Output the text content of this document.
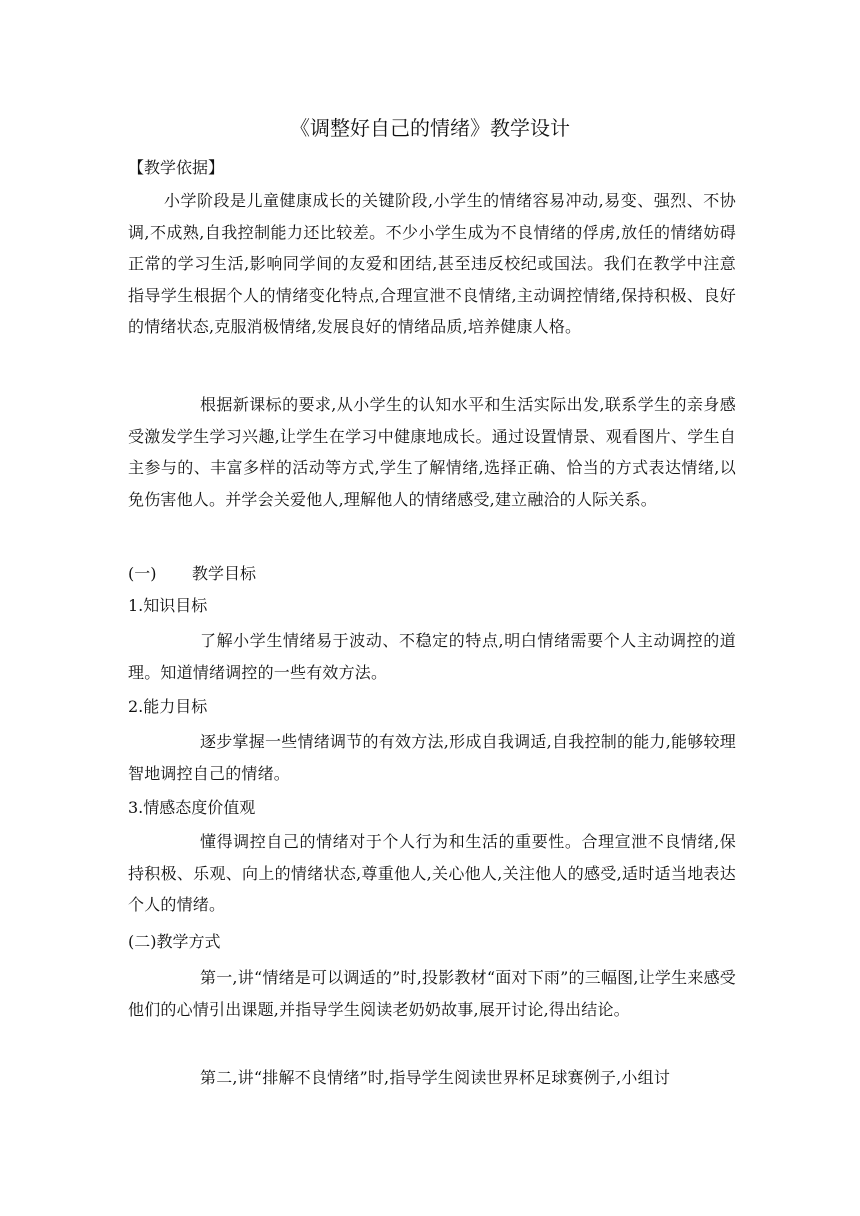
《调整好自己的情绪》教学设计
【教学依据】
小学阶段是儿童健康成长的关键阶段,小学生的情绪容易冲动,易变、强烈、不协调,不成熟,自我控制能力还比较差。不少小学生成为不良情绪的俘虏,放任的情绪妨碍正常的学习生活,影响同学间的友爱和团结,甚至违反校纪或国法。我们在教学中注意指导学生根据个人的情绪变化特点,合理宣泄不良情绪,主动调控情绪,保持积极、良好的情绪状态,克服消极情绪,发展良好的情绪品质,培养健康人格。
根据新课标的要求,从小学生的认知水平和生活实际出发,联系学生的亲身感受激发学生学习兴趣,让学生在学习中健康地成长。通过设置情景、观看图片、学生自主参与的、丰富多样的活动等方式,学生了解情绪,选择正确、恰当的方式表达情绪,以免伤害他人。并学会关爱他人,理解他人的情绪感受,建立融洽的人际关系。
(一) 教学目标
1.知识目标
了解小学生情绪易于波动、不稳定的特点,明白情绪需要个人主动调控的道理。知道情绪调控的一些有效方法。
2.能力目标
逐步掌握一些情绪调节的有效方法,形成自我调适,自我控制的能力,能够较理智地调控自己的情绪。
3.情感态度价值观
懂得调控自己的情绪对于个人行为和生活的重要性。合理宣泄不良情绪,保持积极、乐观、向上的情绪状态,尊重他人,关心他人,关注他人的感受,适时适当地表达个人的情绪。
(二)教学方式
第一,讲“情绪是可以调适的”时,投影教材“面对下雨”的三幅图,让学生来感受他们的心情引出课题,并指导学生阅读老奶奶故事,展开讨论,得出结论。
第二,讲“排解不良情绪”时,指导学生阅读世界杯足球赛例子,小组讨
